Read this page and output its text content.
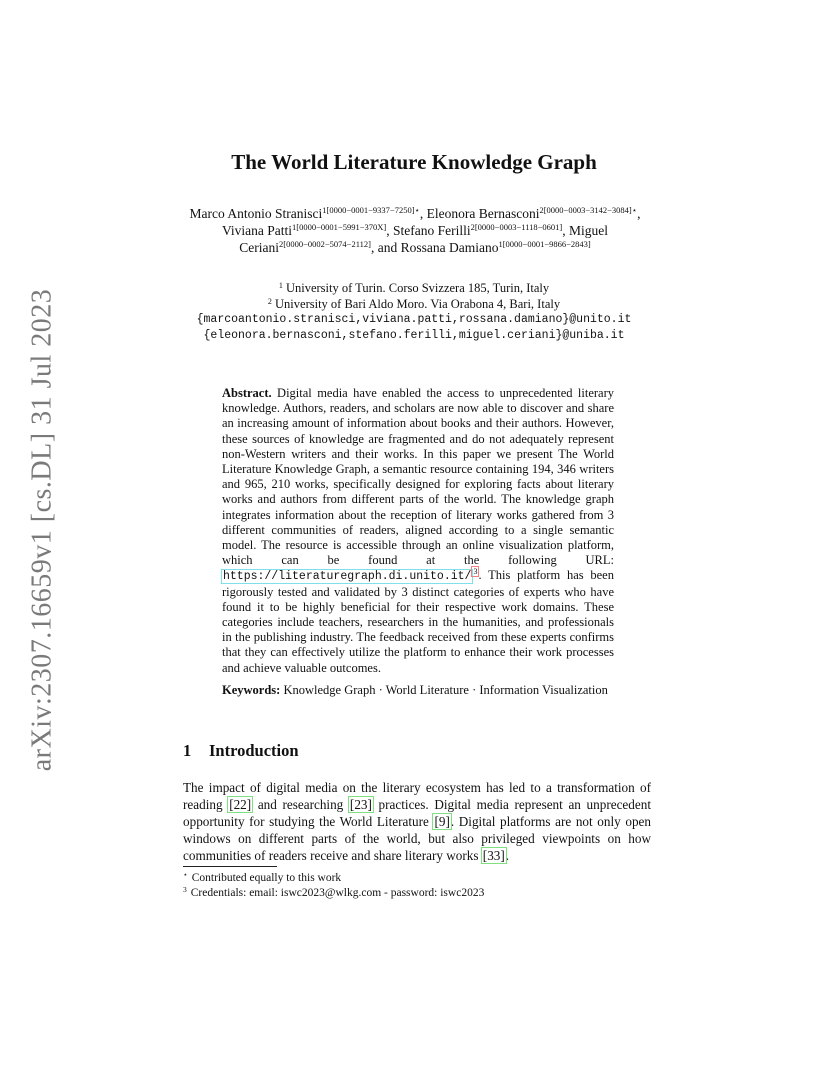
arXiv:2307.16659v1 [cs.DL] 31 Jul 2023
The World Literature Knowledge Graph
Marco Antonio Stranisci$^{1[0000-0001-9337-7250]⋆}$, Eleonora Bernasconi$^{2[0000-0003-3142-3084]⋆}$, Viviana Patti$^{1[0000-0001-5991-370X]}$, Stefano Ferilli$^{2[0000-0003-1118-0601]}$, Miguel Ceriani$^{2[0000-0002-5074-2112]}$, and Rossana Damiano$^{1[0000-0001-9866-2843]}$
$^1$ University of Turin. Corso Svizzera 185, Turin, Italy
$^2$ University of Bari Aldo Moro. Via Orabona 4, Bari, Italy
{marcoantonio.stranisci,viviana.patti,rossana.damiano}@unito.it
{eleonora.bernasconi,stefano.ferilli,miguel.ceriani}@uniba.it
Abstract. Digital media have enabled the access to unprecedented literary knowledge. Authors, readers, and scholars are now able to discover and share an increasing amount of information about books and their authors. However, these sources of knowledge are fragmented and do not adequately represent non-Western writers and their works. In this paper we present The World Literature Knowledge Graph, a semantic resource containing 194, 346 writers and 965, 210 works, specifically designed for exploring facts about literary works and authors from different parts of the world. The knowledge graph integrates information about the reception of literary works gathered from 3 different communities of readers, aligned according to a single semantic model. The resource is accessible through an online visualization platform, which can be found at the following URL: https://literaturegraph.di.unito.it/ $^3$. This platform has been rigorously tested and validated by 3 distinct categories of experts who have found it to be highly beneficial for their respective work domains. These categories include teachers, researchers in the humanities, and professionals in the publishing industry. The feedback received from these experts confirms that they can effectively utilize the platform to enhance their work processes and achieve valuable outcomes.
Keywords: Knowledge Graph · World Literature · Information Visualization
1 Introduction
The impact of digital media on the literary ecosystem has led to a transformation of reading [22] and researching [23] practices. Digital media represent an unprecedent opportunity for studying the World Literature [9]. Digital platforms are not only open windows on different parts of the world, but also privileged viewpoints on how communities of readers receive and share literary works [33].
⋆ Contributed equally to this work
$^3$ Credentials: email: iswc2023@wlkg.com - password: iswc2023
